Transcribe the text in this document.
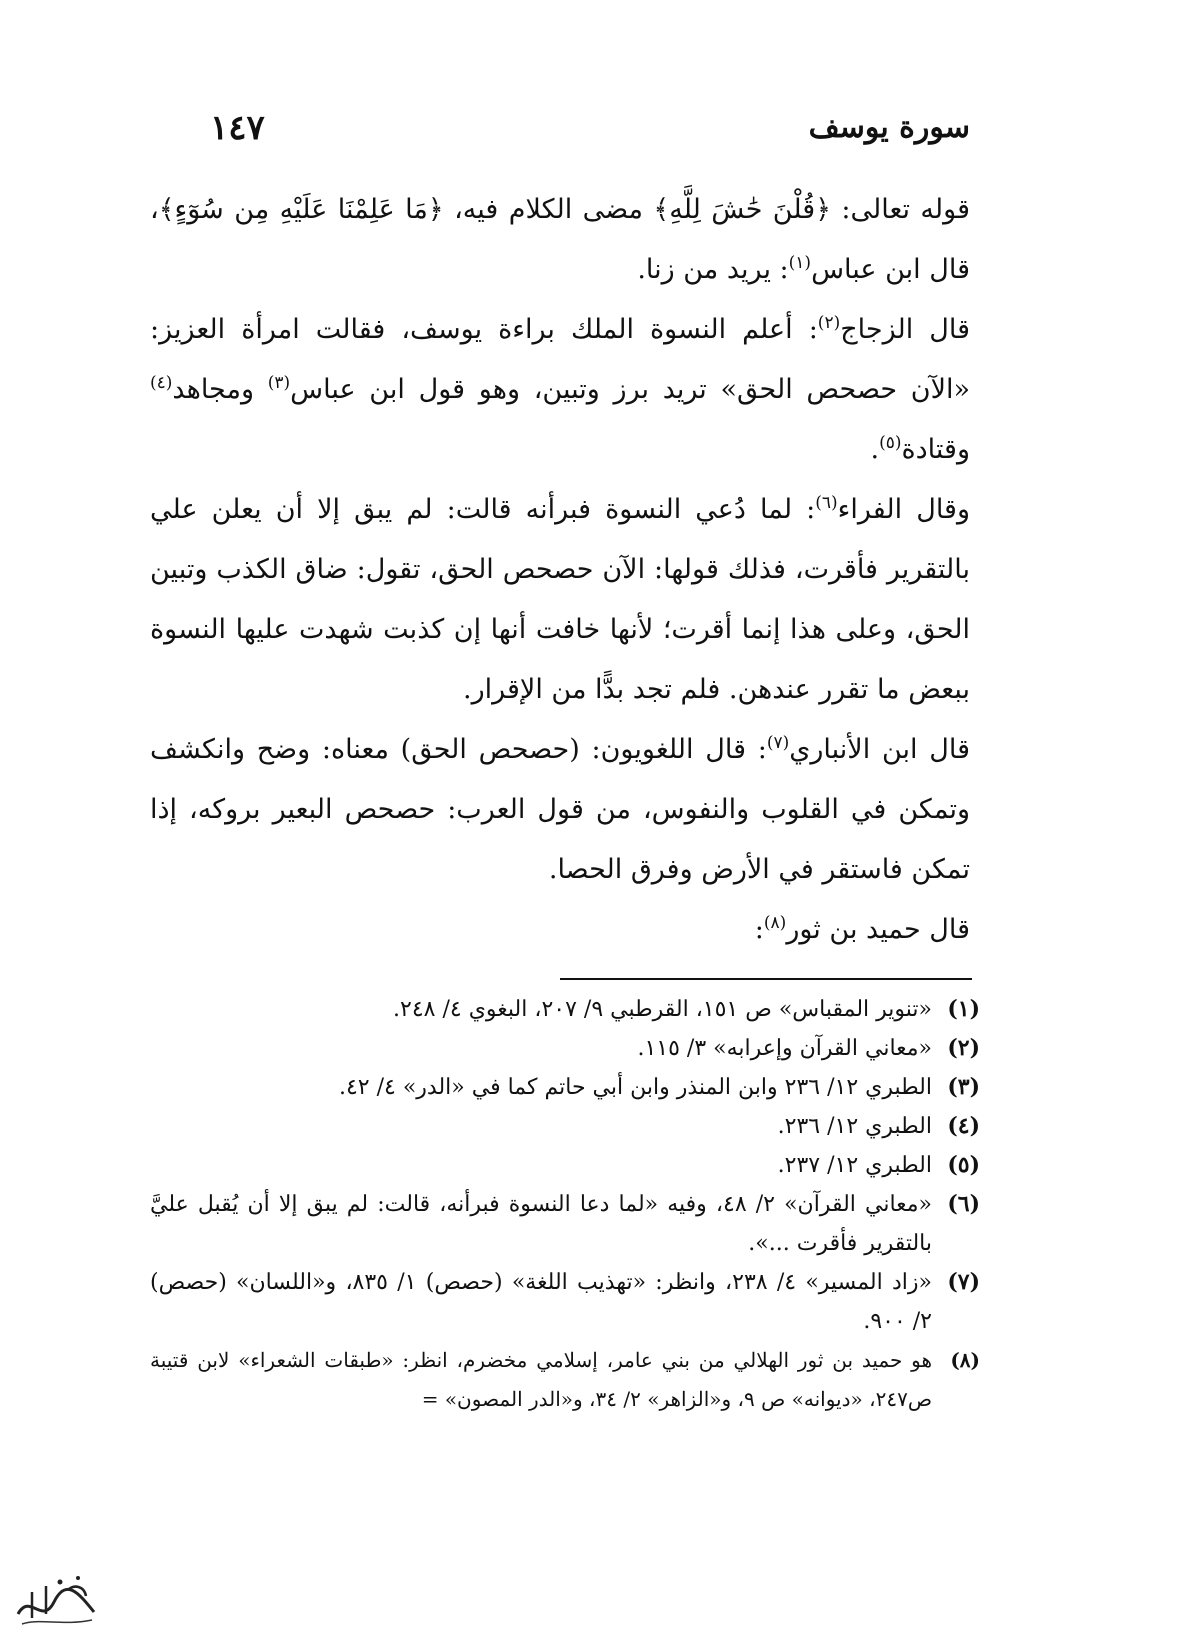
١٤٧	سورة يوسف

قوله تعالى: ﴿قُلْنَ حَٰشَ لِلَّهِ﴾ مضى الكلام فيه، ﴿مَا عَلِمْنَا عَلَيْهِ مِن سُوٓءٍ﴾، قال ابن عباس$^{(١)}$: يريد من زنا.

قال الزجاج$^{(٢)}$: أعلم النسوة الملك براءة يوسف، فقالت امرأة العزيز: «الآن حصحص الحق» تريد برز وتبين، وهو قول ابن عباس$^{(٣)}$ ومجاهد$^{(٤)}$ وقتادة$^{(٥)}$.

وقال الفراء$^{(٦)}$: لما دُعي النسوة فبرأنه قالت: لم يبق إلا أن يعلن علي بالتقرير فأقرت، فذلك قولها: الآن حصحص الحق، تقول: ضاق الكذب وتبين الحق، وعلى هذا إنما أقرت؛ لأنها خافت أنها إن كذبت شهدت عليها النسوة ببعض ما تقرر عندهن. فلم تجد بدًّا من الإقرار.

قال ابن الأنباري$^{(٧)}$: قال اللغويون: (حصحص الحق) معناه: وضح وانكشف وتمكن في القلوب والنفوس، من قول العرب: حصحص البعير بروكه، إذا تمكن فاستقر في الأرض وفرق الحصا.

قال حميد بن ثور$^{(٨)}$:

(١)
«تنوير المقباس» ص ١٥١، القرطبي ٩/ ٢٠٧، البغوي ٤/ ٢٤٨.
(٢)
«معاني القرآن وإعرابه» ٣/ ١١٥.
(٣)
الطبري ١٢/ ٢٣٦ وابن المنذر وابن أبي حاتم كما في «الدر» ٤/ ٤٢.
(٤)
الطبري ١٢/ ٢٣٦.
(٥)
الطبري ١٢/ ٢٣٧.
(٦)
«معاني القرآن» ٢/ ٤٨، وفيه «لما دعا النسوة فبرأنه، قالت: لم يبق إلا أن يُقبل عليَّ بالتقرير فأقرت ...».
(٧)
«زاد المسير» ٤/ ٢٣٨، وانظر: «تهذيب اللغة» (حصص) ١/ ٨٣٥، و«اللسان» (حصص) ٢/ ٩٠٠.
(٨)
هو حميد بن ثور الهلالي من بني عامر، إسلامي مخضرم، انظر: «طبقات الشعراء» لابن قتيبة ص٢٤٧، «ديوانه» ص ٩، و«الزاهر» ٢/ ٣٤، و«الدر المصون» =
